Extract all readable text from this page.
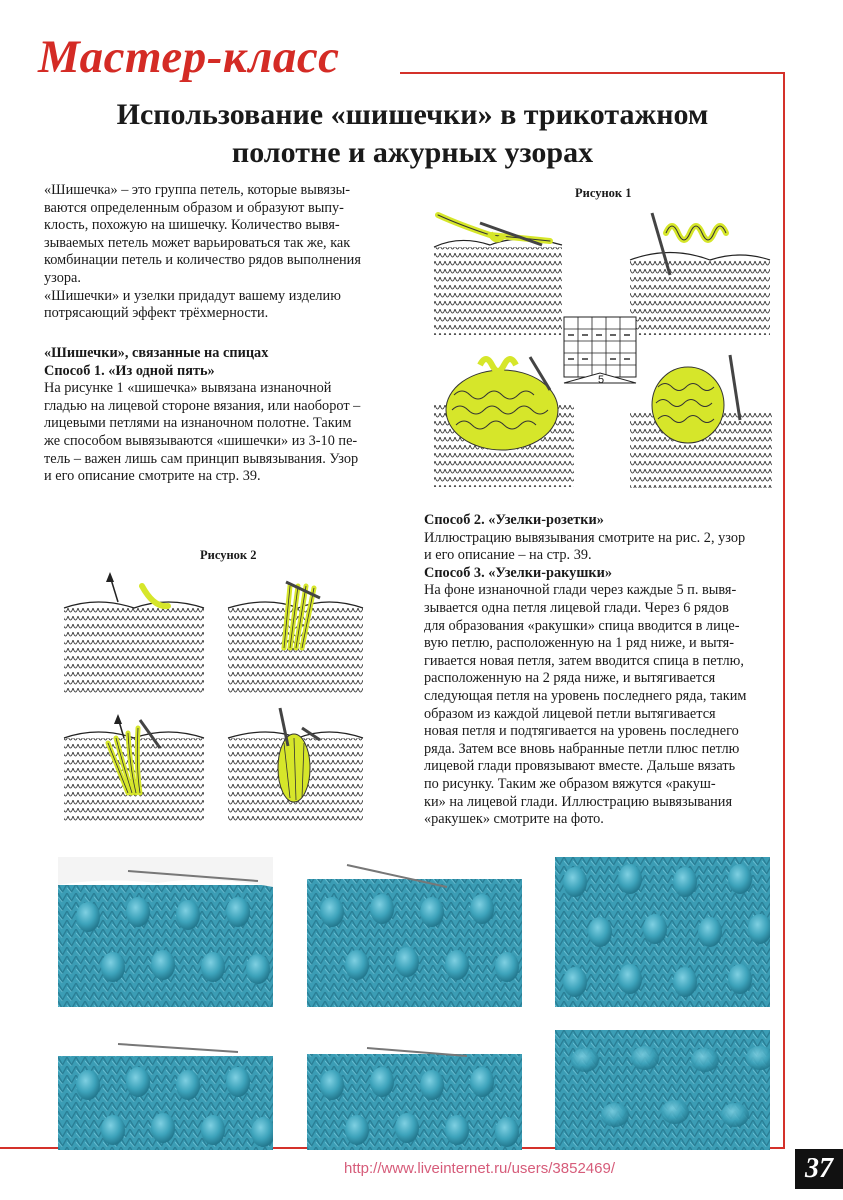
Мастер-класс
Использование «шишечки» в трикотажном
полотне и ажурных узорах
«Шишечка» – это группа петель, которые вывязы-
ваются определенным образом и образуют выпу-
клость, похожую на шишечку. Количество вывя-
зываемых петель может варьироваться так же, как
комбинации петель и количество рядов выполнения
узора.
«Шишечки» и узелки придадут вашему изделию
потрясающий эффект трёхмерности.
«Шишечки», связанные на спицах
Способ 1. «Из одной пять»
На рисунке 1 «шишечка» вывязана изнаночной
гладью на лицевой стороне вязания, или наоборот –
лицевыми петлями на изнаночном полотне. Таким
же способом вывязываются «шишечки» из 3-10 пе-
тель – важен лишь сам принцип вывязывания. Узор
и его описание смотрите на стр. 39.
Рисунок 1
5
Рисунок 2
Способ 2. «Узелки-розетки»
Иллюстрацию вывязывания смотрите на рис. 2, узор
и его описание – на стр. 39.
Способ 3. «Узелки-ракушки»
На фоне изнаночной глади через каждые 5 п. вывя-
зывается одна петля лицевой глади. Через 6 рядов
для образования «ракушки» спица вводится в лице-
вую петлю, расположенную на 1 ряд ниже, и вытя-
гивается новая петля, затем вводится спица в петлю,
расположенную на 2 ряда ниже, и вытягивается
следующая петля на уровень последнего ряда, таким
образом из каждой лицевой петли вытягивается
новая петля и подтягивается на уровень последнего
ряда. Затем все вновь набранные петли плюс петлю
лицевой глади провязывают вместе. Дальше вязать
по рисунку. Таким же образом вяжутся «ракуш-
ки» на лицевой глади. Иллюстрацию вывязывания
«ракушек» смотрите на фото.
http://www.liveinternet.ru/users/3852469/	37
